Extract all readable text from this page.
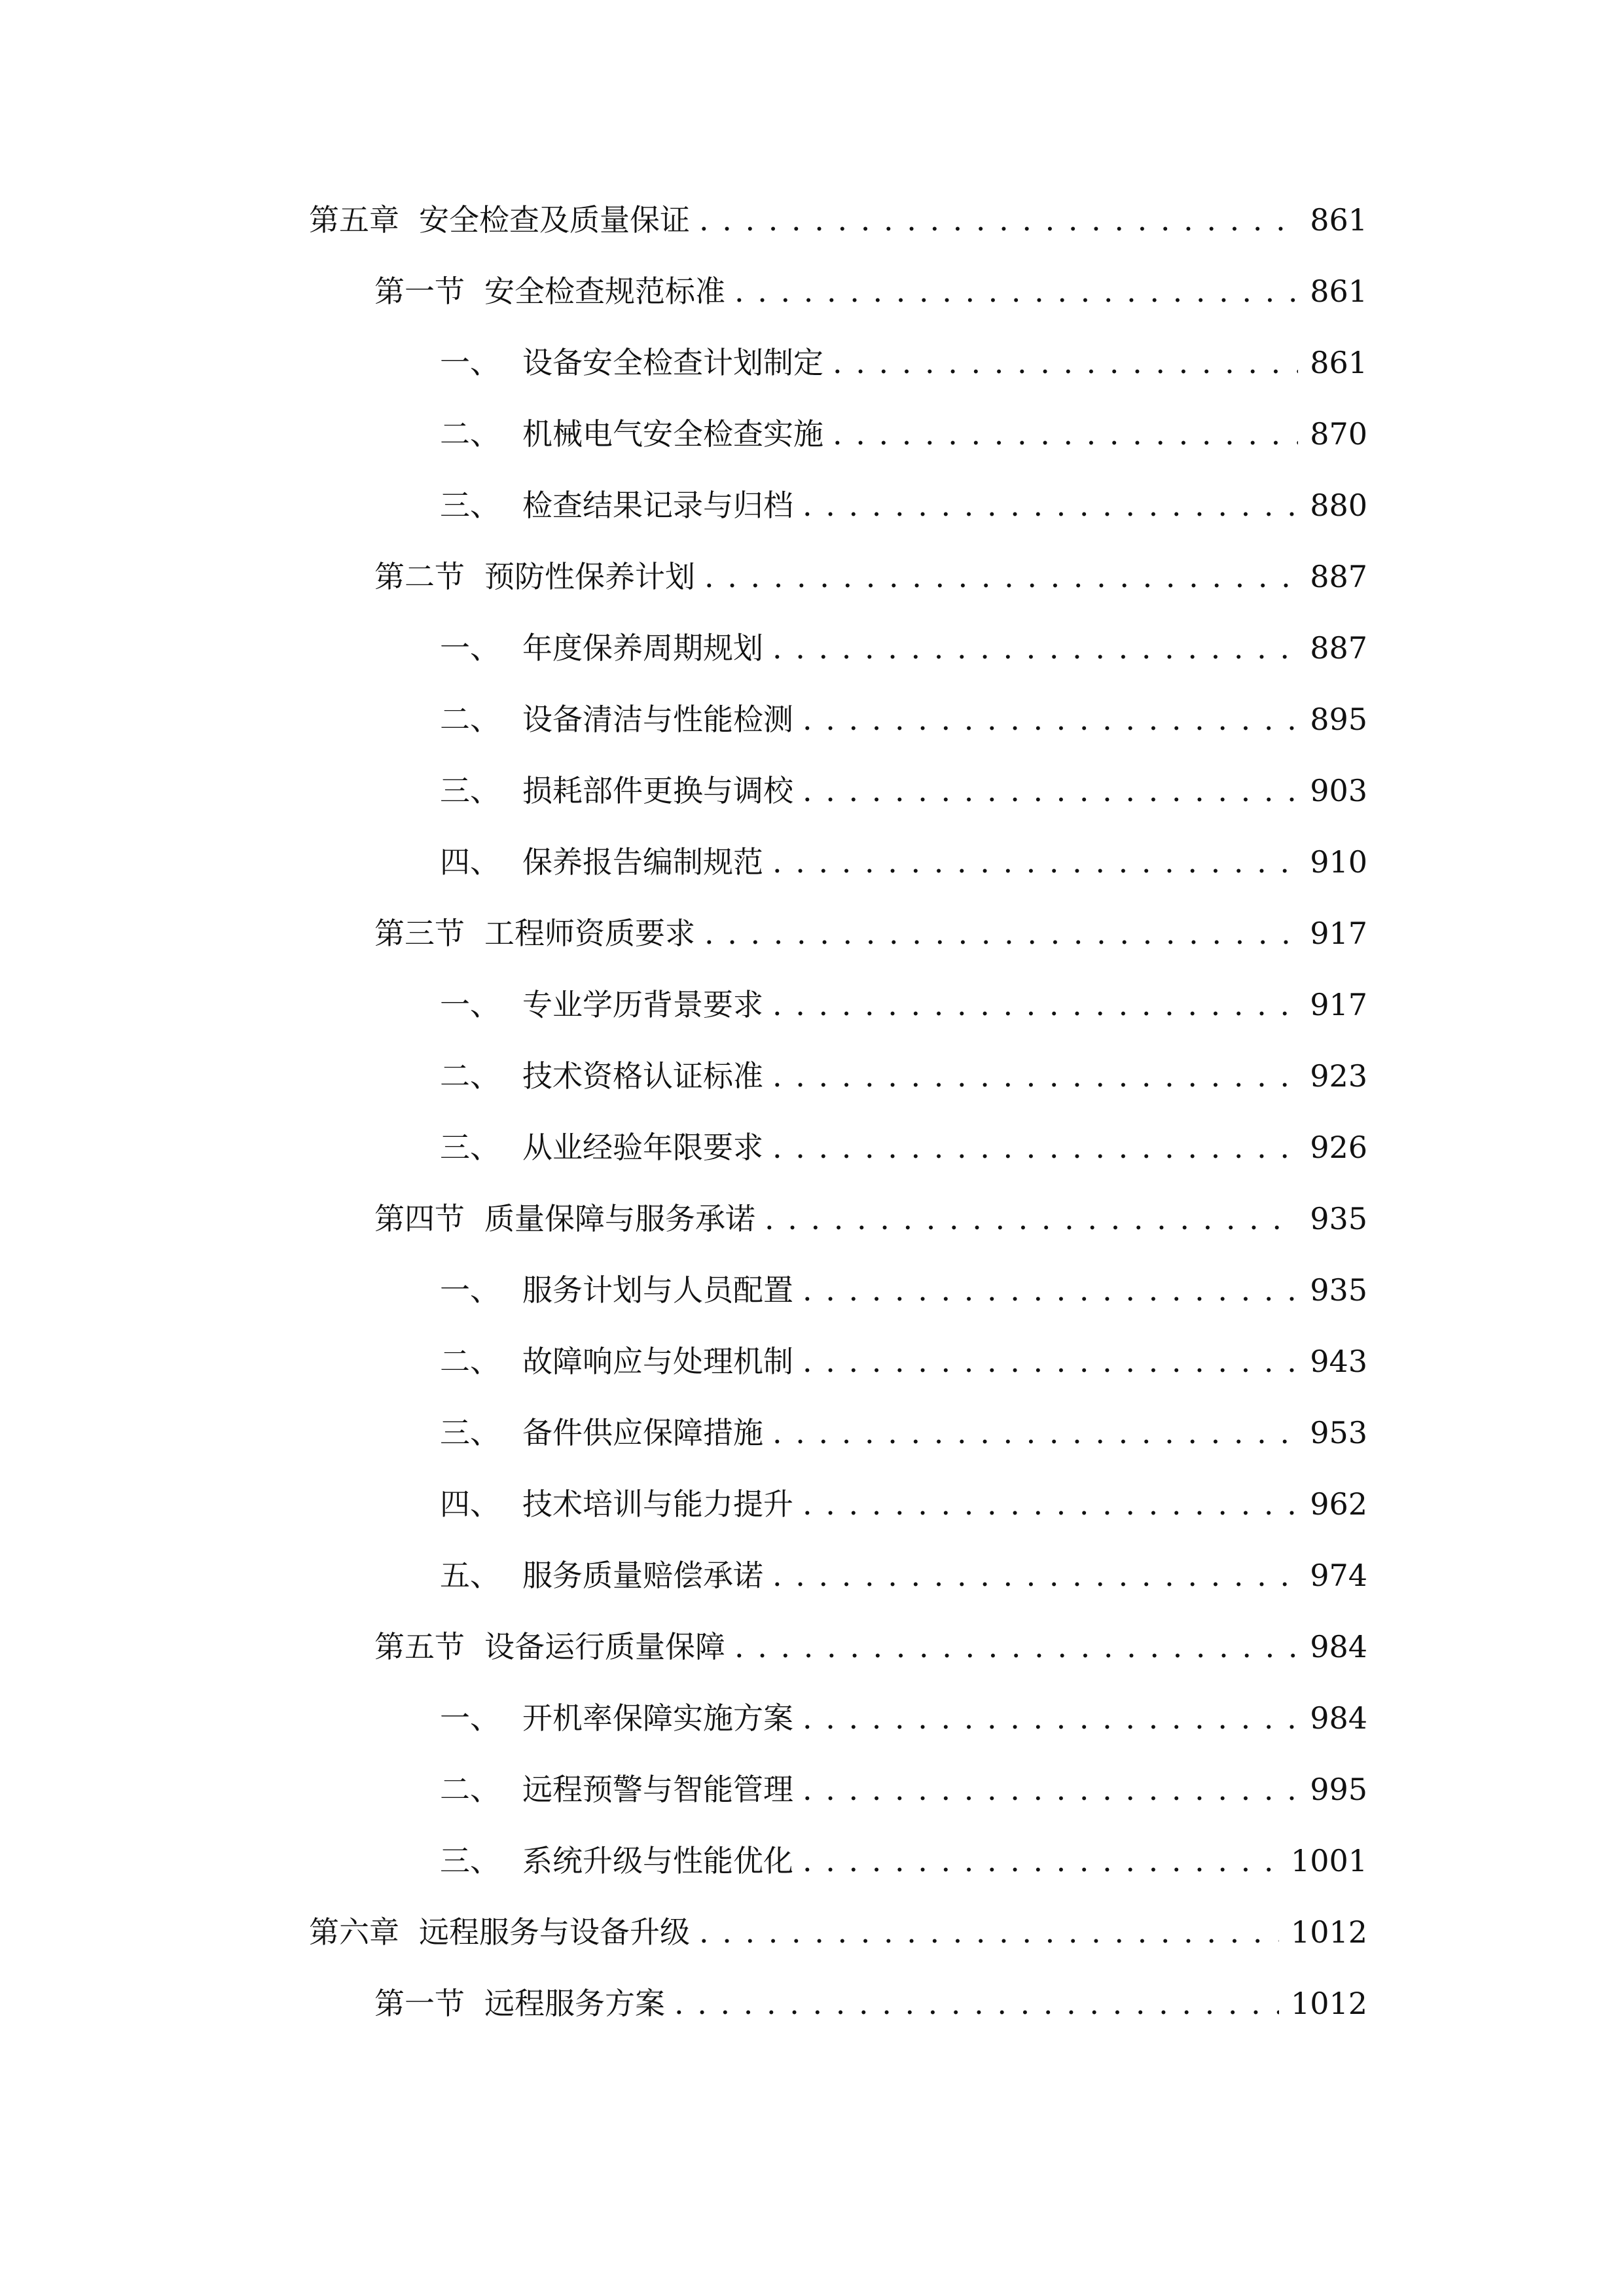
第五章 安全检查及质量保证 . . .	861
第一节 安全检查规范标准 . . .	861
一、 设备安全检查计划制定 . . .	861
二、 机械电气安全检查实施 . . .	870
三、 检查结果记录与归档 . . .	880
第二节 预防性保养计划 . . .	887
一、 年度保养周期规划 . . .	887
二、 设备清洁与性能检测 . . .	895
三、 损耗部件更换与调校 . . .	903
四、 保养报告编制规范 . . .	910
第三节 工程师资质要求 . . .	917
一、 专业学历背景要求 . . .	917
二、 技术资格认证标准 . . .	923
三、 从业经验年限要求 . . .	926
第四节 质量保障与服务承诺 . . .	935
一、 服务计划与人员配置 . . .	935
二、 故障响应与处理机制 . . .	943
三、 备件供应保障措施 . . .	953
四、 技术培训与能力提升 . . .	962
五、 服务质量赔偿承诺 . . .	974
第五节 设备运行质量保障 . . .	984
一、 开机率保障实施方案 . . .	984
二、 远程预警与智能管理 . . .	995
三、 系统升级与性能优化 . . .	1001
第六章 远程服务与设备升级 . . .	1012
第一节 远程服务方案 . . .	1012
